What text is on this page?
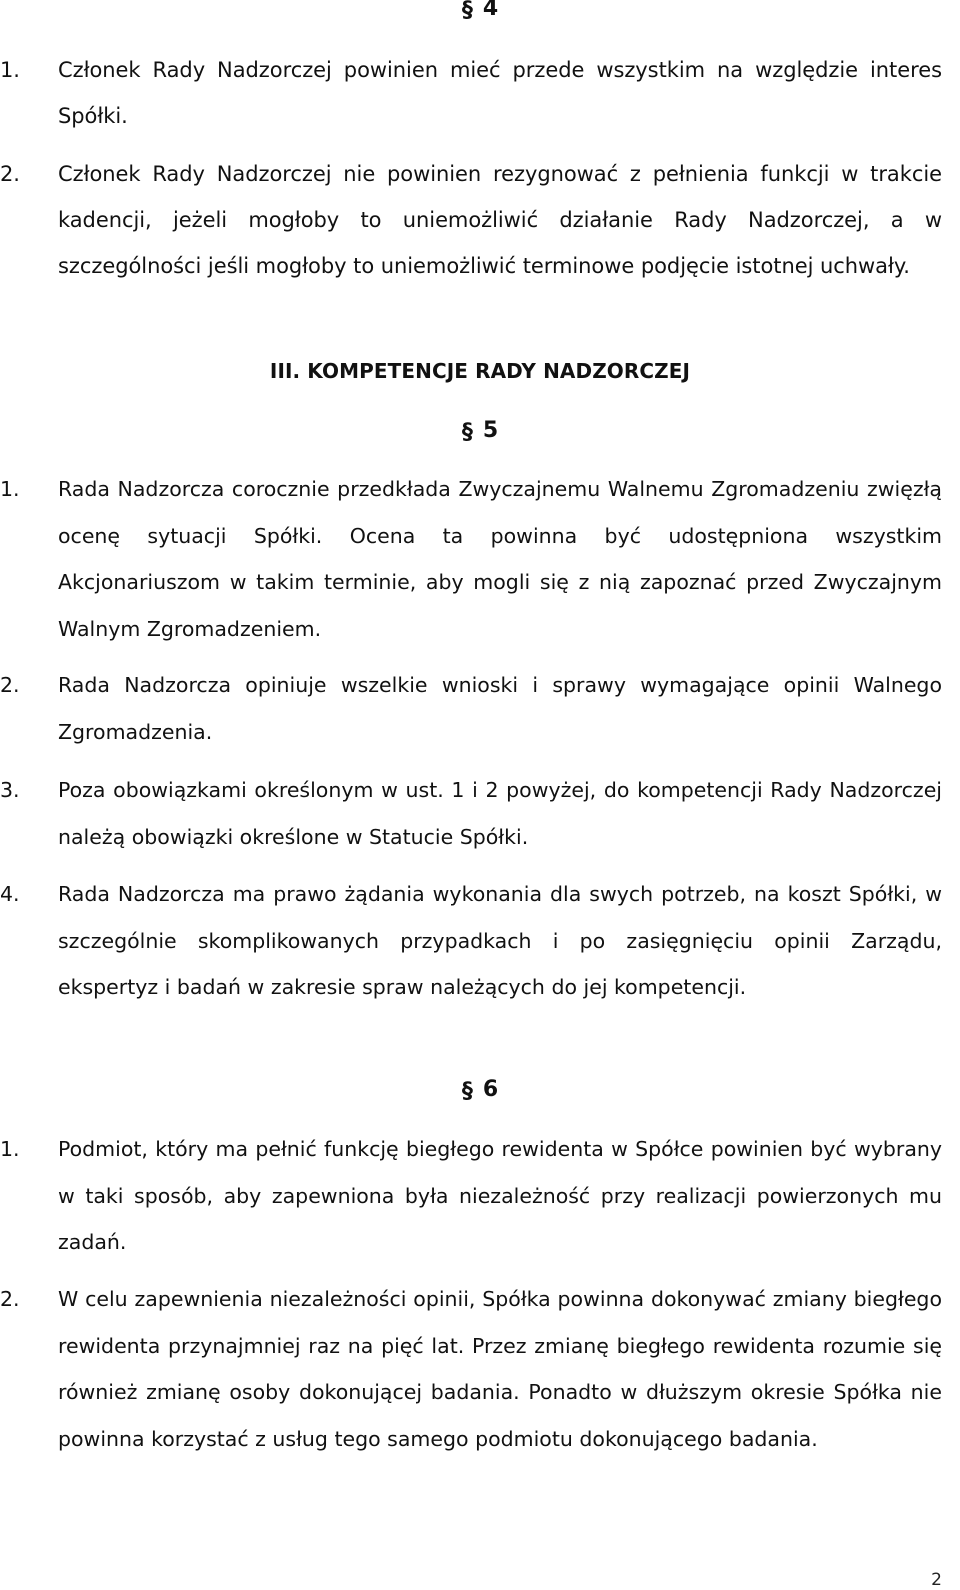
§ 4
1. Członek Rady Nadzorczej powinien mieć przede wszystkim na względzie interes Spółki.
2. Członek Rady Nadzorczej nie powinien rezygnować z pełnienia funkcji w trakcie kadencji, jeżeli mogłoby to uniemożliwić działanie Rady Nadzorczej, a w szczególności jeśli mogłoby to uniemożliwić terminowe podjęcie istotnej uchwały.
III. KOMPETENCJE RADY NADZORCZEJ
§ 5
1. Rada Nadzorcza corocznie przedkłada Zwyczajnemu Walnemu Zgromadzeniu zwięzłą ocenę sytuacji Spółki. Ocena ta powinna być udostępniona wszystkim Akcjonariuszom w takim terminie, aby mogli się z nią zapoznać przed Zwyczajnym Walnym Zgromadzeniem.
2. Rada Nadzorcza opiniuje wszelkie wnioski i sprawy wymagające opinii Walnego Zgromadzenia.
3. Poza obowiązkami określonym w ust. 1 i 2 powyżej, do kompetencji Rady Nadzorczej należą obowiązki określone w Statucie Spółki.
4. Rada Nadzorcza ma prawo żądania wykonania dla swych potrzeb, na koszt Spółki, w szczególnie skomplikowanych przypadkach i po zasięgnięciu opinii Zarządu, ekspertyz i badań w zakresie spraw należących do jej kompetencji.
§ 6
1. Podmiot, który ma pełnić funkcję biegłego rewidenta w Spółce powinien być wybrany w taki sposób, aby zapewniona była niezależność przy realizacji powierzonych mu zadań.
2. W celu zapewnienia niezależności opinii, Spółka powinna dokonywać zmiany biegłego rewidenta przynajmniej raz na pięć lat. Przez zmianę biegłego rewidenta rozumie się również zmianę osoby dokonującej badania. Ponadto w dłuższym okresie Spółka nie powinna korzystać z usług tego samego podmiotu dokonującego badania.
2
